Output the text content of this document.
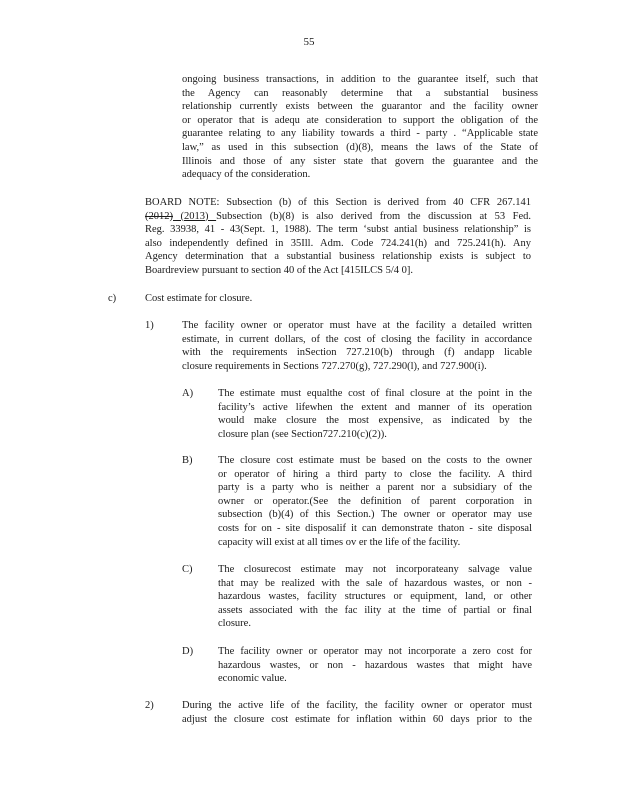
55
ongoing business transactions, in addition to the guarantee itself, such that
the Agency can reasonably determine that a substantial business
relationship currently exists between the guarantor and the facility owner
or operator that is adequ ate consideration to support the obligation of the
guarantee relating to any liability towards a third - party . “Applicable state
law,” as used in this subsection (d)(8), means the laws of the State of
Illinois and those of any sister state that govern the guarantee and the
adequacy of the consideration.
BOARD NOTE: Subsection (b) of this Section is derived from 40 CFR 267.141
(2012) (2013) Subsection (b)(8) is also derived from the discussion at 53 Fed.
Reg. 33938, 41 - 43(Sept. 1, 1988). The term ‘subst antial business relationship” is
also independently defined in 35Ill. Adm. Code 724.241(h) and 725.241(h). Any
Agency determination that a substantial business relationship exists is subject to
Boardreview pursuant to section 40 of the Act [415ILCS 5/4 0].
c)	Cost estimate for closure.
1)	The facility owner or operator must have at the facility a detailed written
estimate, in current dollars, of the cost of closing the facility in accordance
with the requirements inSection 727.210(b) through (f) andapp licable
closure requirements in Sections 727.270(g), 727.290(l), and 727.900(i).
A) The estimate must equalthe cost of final closure at the point in the
facility’s active lifewhen the extent and manner of its operation
would make closure the most expensive, as indicated by the
closure plan (see Section727.210(c)(2)).
B) The closure cost estimate must be based on the costs to the owner
or operator of hiring a third party to close the facility. A third
party is a party who is neither a parent nor a subsidiary of the
owner or operator.(See the definition of parent corporation in
subsection (b)(4) of this Section.) The owner or operator may use
costs for on - site disposalif it can demonstrate thaton - site disposal
capacity will exist at all times ov er the life of the facility.
C) The closurecost estimate may not incorporateany salvage value
that may be realized with the sale of hazardous wastes, or non -
hazardous wastes, facility structures or equipment, land, or other
assets associated with the fac ility at the time of partial or final
closure.
D) The facility owner or operator may not incorporate a zero cost for
hazardous wastes, or non - hazardous wastes that might have
economic value.
2)	During the active life of the facility, the facility owner or operator must
adjust the closure cost estimate for inflation within 60 days prior to the
